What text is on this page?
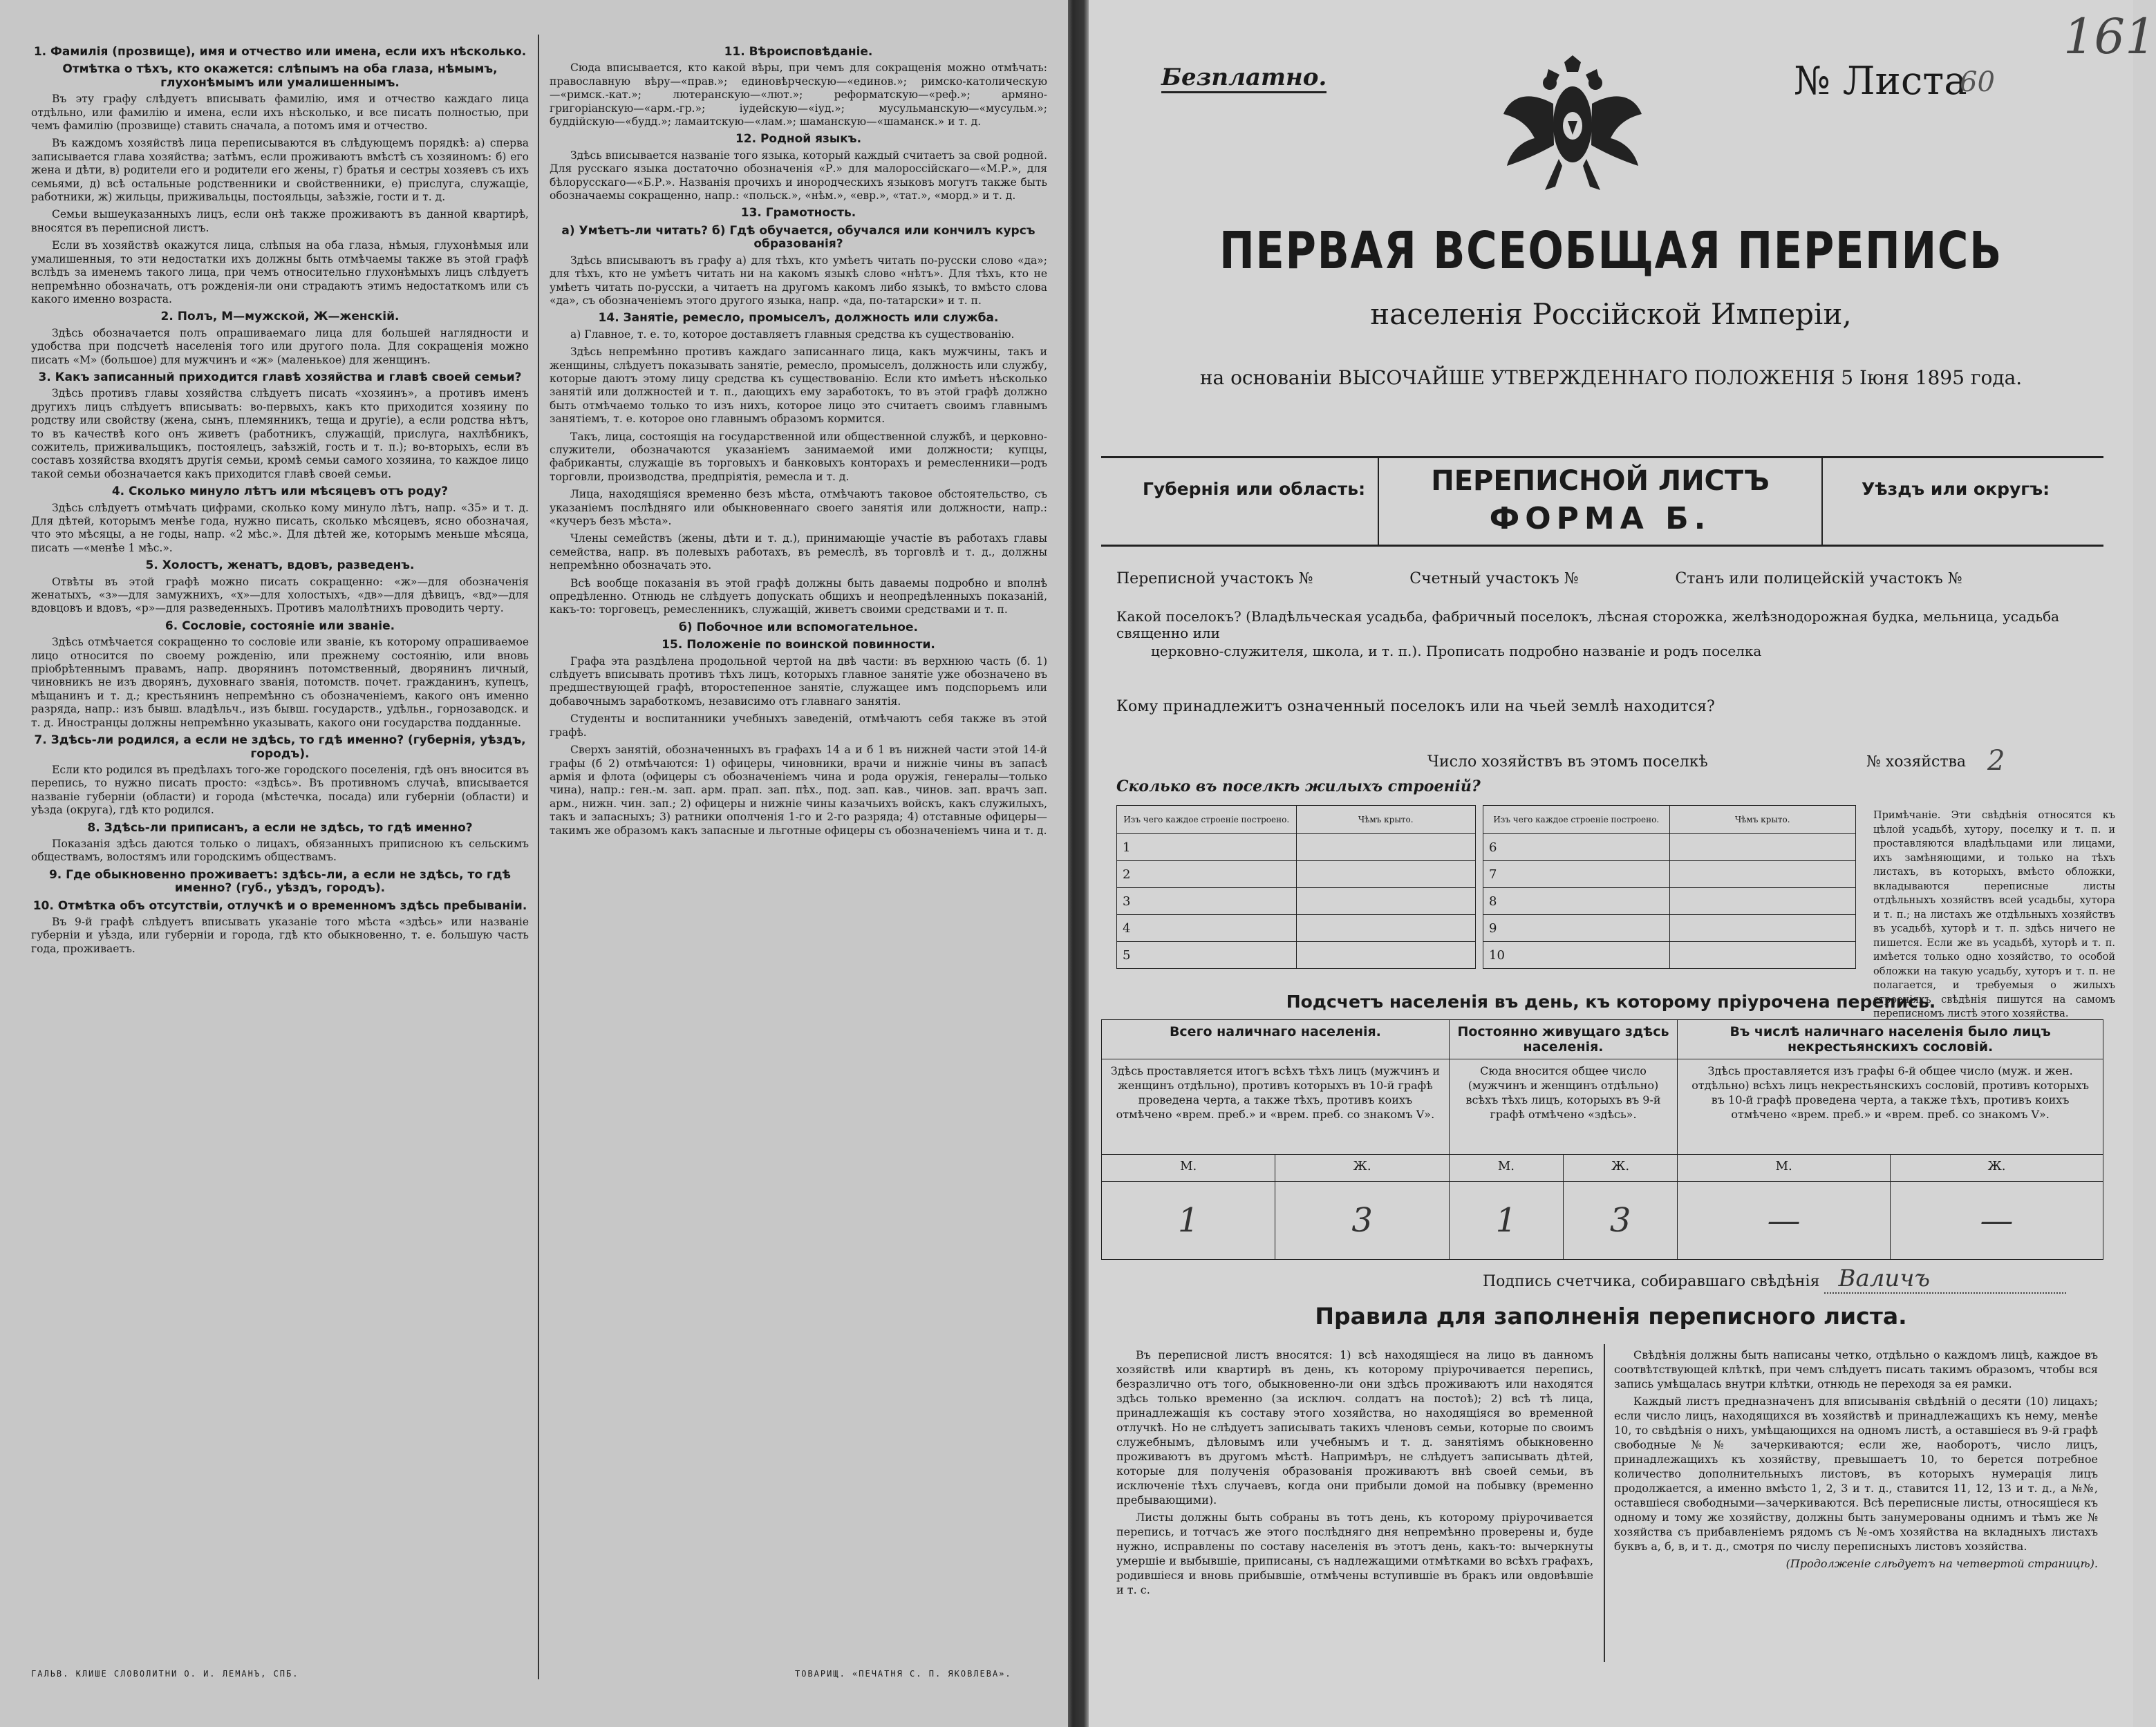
1. Фамилія (прозвище), имя и отчество или имена, если ихъ нѣсколько.
Отмѣтка о тѣхъ, кто окажется: слѣпымъ на оба глаза, нѣмымъ, глухонѣмымъ или умалишеннымъ.

Въ эту графу слѣдуетъ вписывать фамилію, имя и отчество каждаго лица отдѣльно, или фамилію и имена, если ихъ нѣсколько, и все писать полностью, при чемъ фамилію (прозвище) ставить сначала, а потомъ имя и отчество.

Въ каждомъ хозяйствѣ лица переписываются въ слѣдующемъ порядкѣ: а) сперва записывается глава хозяйства; затѣмъ, если проживаютъ вмѣстѣ съ хозяиномъ: б) его жена и дѣти, в) родители его и родители его жены, г) братья и сестры хозяевъ съ ихъ семьями, д) всѣ остальные родственники и свойственники, е) прислуга, служащіе, работники, ж) жильцы, приживальцы, постояльцы, заѣзжіе, гости и т. д.

Семьи вышеуказанныхъ лицъ, если онѣ также проживаютъ въ данной квартирѣ, вносятся въ переписной листъ.

Если въ хозяйствѣ окажутся лица, слѣпыя на оба глаза, нѣмыя, глухонѣмыя или умалишенныя, то эти недостатки ихъ должны быть отмѣчаемы также въ этой графѣ вслѣдъ за именемъ такого лица, при чемъ относительно глухонѣмыхъ лицъ слѣдуетъ непремѣнно обозначать, отъ рожденія-ли они страдаютъ этимъ недостаткомъ или съ какого именно возраста.

2. Полъ, М—мужской, Ж—женскій.

Здѣсь обозначается полъ опрашиваемаго лица для большей наглядности и удобства при подсчетѣ населенія того или другого пола. Для сокращенія можно писать «М» (большое) для мужчинъ и «ж» (маленькое) для женщинъ.

3. Какъ записанный приходится главѣ хозяйства и главѣ своей семьи?

Здѣсь противъ главы хозяйства слѣдуетъ писать «хозяинъ», а противъ именъ другихъ лицъ слѣдуетъ вписывать: во-первыхъ, какъ кто приходится хозяину по родству или свойству (жена, сынъ, племянникъ, теща и другіе), а если родства нѣтъ, то въ качествѣ кого онъ живетъ (работникъ, служащій, прислуга, нахлѣбникъ, сожитель, приживальщикъ, постоялецъ, заѣзжій, гость и т. п.); во-вторыхъ, если въ составъ хозяйства входятъ другія семьи, кромѣ семьи самого хозяина, то каждое лицо такой семьи обозначается какъ приходится главѣ своей семьи.

4. Сколько минуло лѣтъ или мѣсяцевъ отъ роду?

Здѣсь слѣдуетъ отмѣчать цифрами, сколько кому минуло лѣтъ, напр. «35» и т. д. Для дѣтей, которымъ менѣе года, нужно писать, сколько мѣсяцевъ, ясно обозначая, что это мѣсяцы, а не годы, напр. «2 мѣс.». Для дѣтей же, которымъ меньше мѣсяца, писать —«менѣе 1 мѣс.».

5. Холостъ, женатъ, вдовъ, разведенъ.

Отвѣты въ этой графѣ можно писать сокращенно: «ж»—для обозначенія женатыхъ, «з»—для замужнихъ, «х»—для холостыхъ, «дв»—для дѣвицъ, «вд»—для вдовцовъ и вдовъ, «р»—для разведенныхъ. Противъ малолѣтнихъ проводить черту.

6. Сословіе, состояніе или званіе.

Здѣсь отмѣчается сокращенно то сословіе или званіе, къ которому опрашиваемое лицо относится по своему рожденію, или прежнему состоянію, или вновь пріобрѣтеннымъ правамъ, напр. дворянинъ потомственный, дворянинъ личный, чиновникъ не изъ дворянъ, духовнаго званія, потомств. почет. гражданинъ, купецъ, мѣщанинъ и т. д.; крестьянинъ непремѣнно съ обозначеніемъ, какого онъ именно разряда, напр.: изъ бывш. владѣльч., изъ бывш. государств., удѣльн., горнозаводск. и т. д. Иностранцы должны непремѣнно указывать, какого они государства подданные.

7. Здѣсь-ли родился, а если не здѣсь, то гдѣ именно? (губернія, уѣздъ, городъ).

Если кто родился въ предѣлахъ того-же городского поселенія, гдѣ онъ вносится въ перепись, то нужно писать просто: «здѣсь». Въ противномъ случаѣ, вписывается названіе губерніи (области) и города (мѣстечка, посада) или губерніи (области) и уѣзда (округа), гдѣ кто родился.

8. Здѣсь-ли приписанъ, а если не здѣсь, то гдѣ именно?

Показанія здѣсь даются только о лицахъ, обязанныхъ приписною къ сельскимъ обществамъ, волостямъ или городскимъ обществамъ.

9. Где обыкновенно проживаетъ: здѣсь-ли, а если не здѣсь, то гдѣ именно? (губ., уѣздъ, городъ).
10. Отмѣтка объ отсутствіи, отлучкѣ и о временномъ здѣсь пребываніи.

Въ 9-й графѣ слѣдуетъ вписывать указаніе того мѣста «здѣсь» или названіе губерніи и уѣзда, или губерніи и города, гдѣ кто обыкновенно, т. е. большую часть года, проживаетъ.

11. Вѣроисповѣданіе.

Сюда вписывается, кто какой вѣры, при чемъ для сокращенія можно отмѣчать: православную вѣру—«прав.»; единовѣрческую—«единов.»; римско-католическую—«римск.-кат.»; лютеранскую—«лют.»; реформатскую—«реф.»; армяно-григоріанскую—«арм.-гр.»; іудейскую—«іуд.»; мусульманскую—«мусульм.»; буддійскую—«будд.»; ламаитскую—«лам.»; шаманскую—«шаманск.» и т. д.

12. Родной языкъ.

Здѣсь вписывается названіе того языка, который каждый считаетъ за свой родной. Для русскаго языка достаточно обозначенія «Р.» для малороссійскаго—«М.Р.», для бѣлорусскаго—«Б.Р.». Названія прочихъ и инородческихъ языковъ могутъ также быть обозначаемы сокращенно, напр.: «польск.», «нѣм.», «евр.», «тат.», «морд.» и т. д.

13. Грамотность.
а) Умѣетъ-ли читать? б) Гдѣ обучается, обучался или кончилъ курсъ образованія?

Здѣсь вписываютъ въ графу а) для тѣхъ, кто умѣетъ читать по-русски слово «да»; для тѣхъ, кто не умѣетъ читать ни на какомъ языкѣ слово «нѣтъ». Для тѣхъ, кто не умѣетъ читать по-русски, а читаетъ на другомъ какомъ либо языкѣ, то вмѣсто слова «да», съ обозначеніемъ этого другого языка, напр. «да, по-татарски» и т. п.

14. Занятіе, ремесло, промыселъ, должность или служба.

а) Главное, т. е. то, которое доставляетъ главныя средства къ существованію.

Здѣсь непремѣнно противъ каждаго записаннаго лица, какъ мужчины, такъ и женщины, слѣдуетъ показывать занятіе, ремесло, промыселъ, должность или службу, которые даютъ этому лицу средства къ существованію. Если кто имѣетъ нѣсколько занятій или должностей и т. п., дающихъ ему заработокъ, то въ этой графѣ должно быть отмѣчаемо только то изъ нихъ, которое лицо это считаетъ своимъ главнымъ занятіемъ, т. е. которое оно главнымъ образомъ кормится.

Такъ, лица, состоящія на государственной или общественной службѣ, и церковно-служители, обозначаются указаніемъ занимаемой ими должности; купцы, фабриканты, служащіе въ торговыхъ и банковыхъ конторахъ и ремесленники—родъ торговли, производства, предпріятія, ремесла и т. д.

Лица, находящіяся временно безъ мѣста, отмѣчаютъ таковое обстоятельство, съ указаніемъ послѣдняго или обыкновеннаго своего занятія или должности, напр.: «кучеръ безъ мѣста».

Члены семействъ (жены, дѣти и т. д.), принимающіе участіе въ работахъ главы семейства, напр. въ полевыхъ работахъ, въ ремеслѣ, въ торговлѣ и т. д., должны непремѣнно обозначать это.

Всѣ вообще показанія въ этой графѣ должны быть даваемы подробно и вполнѣ опредѣленно. Отнюдь не слѣдуетъ допускать общихъ и неопредѣленныхъ показаній, какъ-то: торговецъ, ремесленникъ, служащій, живетъ своими средствами и т. п.

б) Побочное или вспомогательное.
15. Положеніе по воинской повинности.

Графа эта раздѣлена продольной чертой на двѣ части: въ верхнюю часть (б. 1) слѣдуетъ вписывать противъ тѣхъ лицъ, которыхъ главное занятіе уже обозначено въ предшествующей графѣ, второстепенное занятіе, служащее имъ подспорьемъ или добавочнымъ заработкомъ, независимо отъ главнаго занятія.

Студенты и воспитанники учебныхъ заведеній, отмѣчаютъ себя также въ этой графѣ.

Сверхъ занятій, обозначенныхъ въ графахъ 14 а и б 1 въ нижней части этой 14-й графы (б 2) отмѣчаются: 1) офицеры, чиновники, врачи и нижніе чины въ запасѣ армія и флота (офицеры съ обозначеніемъ чина и рода оружія, генералы—только чина), напр.: ген.-м. зап. арм. прап. зап. пѣх., под. зап. кав., чинов. зап. врачъ зап. арм., нижн. чин. зап.; 2) офицеры и нижніе чины казачьихъ войскъ, какъ служилыхъ, такъ и запасныхъ; 3) ратники ополченія 1-го и 2-го разряда; 4) отставные офицеры—такимъ же образомъ какъ запасные и льготные офицеры съ обозначеніемъ чина и т. д.

ГАЛЬВ. КЛИШЕ СЛОВОЛИТНИ О. И. ЛЕМАНЪ, СПБ.	ТОВАРИЩ. «ПЕЧАТНЯ С. П. ЯКОВЛЕВА».
161
Безплатно.	№ Листа
60
ПЕРВАЯ ВСЕОБЩАЯ ПЕРЕПИСЬ
населенія Россійской Имперіи,
на основаніи ВЫСОЧАЙШЕ УТВЕРЖДЕННАГО ПОЛОЖЕНІЯ 5 Іюня 1895 года.
Губернія или область:	ПЕРЕПИСНОЙ ЛИСТЪ
ФОРМА Б.
Уѣздъ или округъ:
Переписной участокъ №                    Счетный участокъ №                    Станъ или полицейскій участокъ №
Какой поселокъ? (Владѣльческая усадьба, фабричный поселокъ, лѣсная сторожка, желѣзнодорожная будка, мельница, усадьба священно или
церковно-служителя, школа, и т. п.). Прописать подробно названіе и родъ поселка
Кому принадлежитъ означенный поселокъ или на чьей землѣ находится?
Число хозяйствъ въ этомъ поселкѣ	№ хозяйства 2
Сколько въ поселкѣ жилыхъ строеній?
Изъ чего каждое строеніе построено.	Чѣмъ крыто.
1	
2	
3	
4	
5	
Изъ чего каждое строеніе построено.	Чѣмъ крыто.
6	
7	
8	
9	
10	
Примѣчаніе. Эти свѣдѣнія относятся къ цѣлой усадьбѣ, хутору, поселку и т. п. и проставляются владѣльцами или лицами, ихъ замѣняющими, и только на тѣхъ листахъ, въ которыхъ, вмѣсто обложки, вкладываются переписные листы отдѣльныхъ хозяйствъ всей усадьбы, хутора и т. п.; на листахъ же отдѣльныхъ хозяйствъ въ усадьбѣ, хуторѣ и т. п. здѣсь ничего не пишется. Если же въ усадьбѣ, хуторѣ и т. п. имѣется только одно хозяйство, то особой обложки на такую усадьбу, хуторъ и т. п. не полагается, и требуемыя о жилыхъ строеніяхъ свѣдѣнія пишутся на самомъ переписномъ листѣ этого хозяйства.
Подсчетъ населенія въ день, къ которому пріурочена перепись.
Всего наличнаго населенія.		Постоянно живущаго здѣсь населенія.		Въ числѣ наличнаго населенія было лицъ некрестьянскихъ сословій.	
Здѣсь проставляется итогъ всѣхъ тѣхъ лицъ (мужчинъ и женщинъ отдѣльно), противъ которыхъ въ 10-й графѣ проведена черта, а также тѣхъ, противъ коихъ отмѣчено «врем. преб.» и «врем. преб. со знакомъ V».		Сюда вносится общее число (мужчинъ и женщинъ отдѣльно) всѣхъ тѣхъ лицъ, которыхъ въ 9-й графѣ отмѣчено «здѣсь».		Здѣсь проставляется изъ графы 6-й общее число (муж. и жен. отдѣльно) всѣхъ лицъ некрестьянскихъ сословій, противъ которыхъ въ 10-й графѣ проведена черта, а также тѣхъ, противъ коихъ отмѣчено «врем. преб.» и «врем. преб. со знакомъ V».	
М.	Ж.	М.	Ж.	М.	Ж.
1	3	1	3	—	—
Подпись счетчика, собиравшаго свѣдѣнія Валичъ
Правила для заполненія переписного листа.

Въ переписной листъ вносятся: 1) всѣ находящіеся на лицо въ данномъ хозяйствѣ или квартирѣ въ день, къ которому пріурочивается перепись, безразлично отъ того, обыкновенно-ли они здѣсь проживаютъ или находятся здѣсь только временно (за исключ. солдатъ на постоѣ); 2) всѣ тѣ лица, принадлежащія къ составу этого хозяйства, но находящіяся во временной отлучкѣ. Но не слѣдуетъ записывать такихъ членовъ семьи, которые по своимъ служебнымъ, дѣловымъ или учебнымъ и т. д. занятіямъ обыкновенно проживаютъ въ другомъ мѣстѣ. Напримѣръ, не слѣдуетъ записывать дѣтей, которые для полученія образованія проживаютъ внѣ своей семьи, въ исключеніе тѣхъ случаевъ, когда они прибыли домой на побывку (временно пребывающими).

Листы должны быть собраны въ тотъ день, къ которому пріурочивается перепись, и тотчасъ же этого послѣдняго дня непремѣнно проверены и, буде нужно, исправлены по составу населенія въ этотъ день, какъ-то: вычеркнуты умершіе и выбывшіе, приписаны, съ надлежащими отмѣтками во всѣхъ графахъ, родившіеся и вновь прибывшіе, отмѣчены вступившіе въ бракъ или овдовѣвшіе и т. с.

Свѣдѣнія должны быть написаны четко, отдѣльно о каждомъ лицѣ, каждое въ соотвѣтствующей клѣткѣ, при чемъ слѣдуетъ писать такимъ образомъ, чтобы вся запись умѣщалась внутри клѣтки, отнюдь не переходя за ея рамки.

Каждый листъ предназначенъ для вписыванія свѣдѣній о десяти (10) лицахъ; если число лицъ, находящихся въ хозяйствѣ и принадлежащихъ къ нему, менѣе 10, то свѣдѣнія о нихъ, умѣщающихся на одномъ листѣ, а оставшіеся въ 9-й графѣ свободные №№ зачеркиваются; если же, наоборотъ, число лицъ, принадлежащихъ къ хозяйству, превышаетъ 10, то берется потребное количество дополнительныхъ листовъ, въ которыхъ нумерація лицъ продолжается, а именно вмѣсто 1, 2, 3 и т. д., ставится 11, 12, 13 и т. д., а №№, оставшіеся свободными—зачеркиваются. Всѣ переписные листы, относящіеся къ одному и тому же хозяйству, должны быть занумерованы однимъ и тѣмъ же № хозяйства съ прибавленіемъ рядомъ съ №-омъ хозяйства на вкладныхъ листахъ буквъ а, б, в, и т. д., смотря по числу переписныхъ листовъ хозяйства.

(Продолженіе слѣдуетъ на четвертой страницѣ).
